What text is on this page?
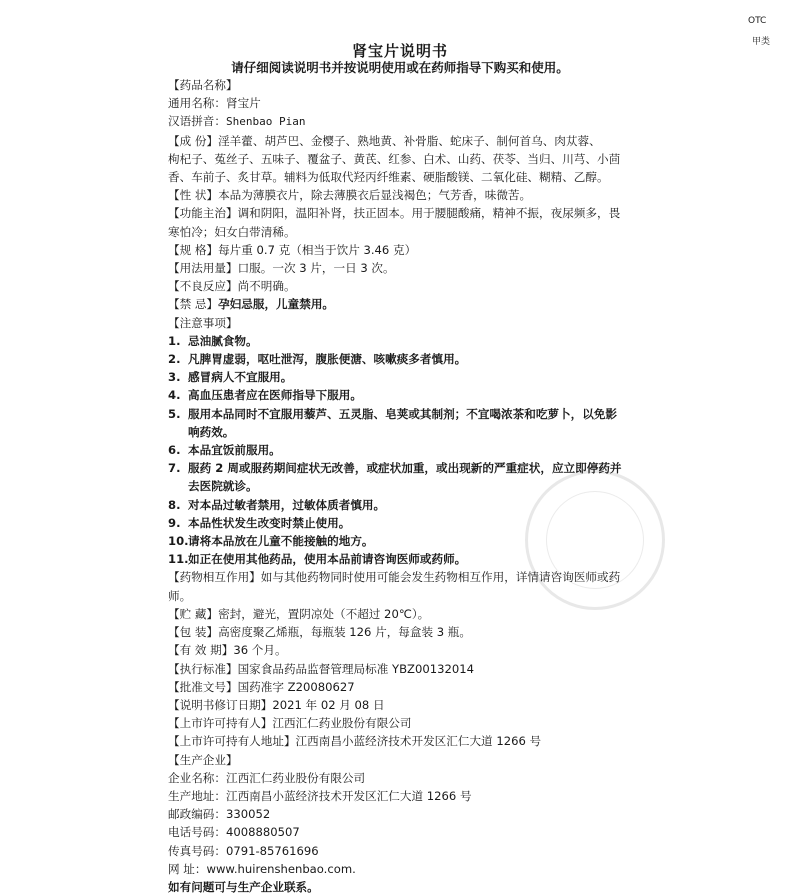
OTC
甲类
肾宝片说明书
请仔细阅读说明书并按说明使用或在药师指导下购买和使用。
【药品名称】
通用名称：肾宝片
汉语拼音：Shenbao Pian
【成 份】淫羊藿、胡芦巴、金樱子、熟地黄、补骨脂、蛇床子、制何首乌、肉苁蓉、
枸杞子、菟丝子、五味子、覆盆子、黄芪、红参、白术、山药、茯苓、当归、川芎、小茴
香、车前子、炙甘草。辅料为低取代羟丙纤维素、硬脂酸镁、二氧化硅、糊精、乙醇。
【性 状】本品为薄膜衣片，除去薄膜衣后显浅褐色；气芳香，味微苦。
【功能主治】调和阴阳，温阳补肾，扶正固本。用于腰腿酸痛，精神不振，夜尿频多，畏
寒怕冷；妇女白带清稀。
【规 格】每片重 0.7 克（相当于饮片 3.46 克）
【用法用量】口服。一次 3 片，一日 3 次。
【不良反应】尚不明确。
【禁 忌】孕妇忌服，儿童禁用。
【注意事项】
1. 忌油腻食物。
2. 凡脾胃虚弱，呕吐泄泻，腹胀便溏、咳嗽痰多者慎用。
3. 感冒病人不宜服用。
4. 高血压患者应在医师指导下服用。
5. 服用本品同时不宜服用藜芦、五灵脂、皂荚或其制剂；不宜喝浓茶和吃萝卜，以免影
响药效。
6. 本品宜饭前服用。
7. 服药 2 周或服药期间症状无改善，或症状加重，或出现新的严重症状，应立即停药并
去医院就诊。
8. 对本品过敏者禁用，过敏体质者慎用。
9. 本品性状发生改变时禁止使用。
10.请将本品放在儿童不能接触的地方。
11.如正在使用其他药品，使用本品前请咨询医师或药师。
【药物相互作用】如与其他药物同时使用可能会发生药物相互作用，详情请咨询医师或药
师。
【贮 藏】密封，避光，置阴凉处（不超过 20℃）。
【包 装】高密度聚乙烯瓶，每瓶装 126 片，每盒装 3 瓶。
【有 效 期】36 个月。
【执行标准】国家食品药品监督管理局标准 YBZ00132014
【批准文号】国药准字 Z20080627
【说明书修订日期】2021 年 02 月 08 日
【上市许可持有人】江西汇仁药业股份有限公司
【上市许可持有人地址】江西南昌小蓝经济技术开发区汇仁大道 1266 号
【生产企业】
企业名称：江西汇仁药业股份有限公司
生产地址：江西南昌小蓝经济技术开发区汇仁大道 1266 号
邮政编码：330052
电话号码：4008880507
传真号码：0791-85761696
网 址：www.huirenshenbao.com.
如有问题可与生产企业联系。
